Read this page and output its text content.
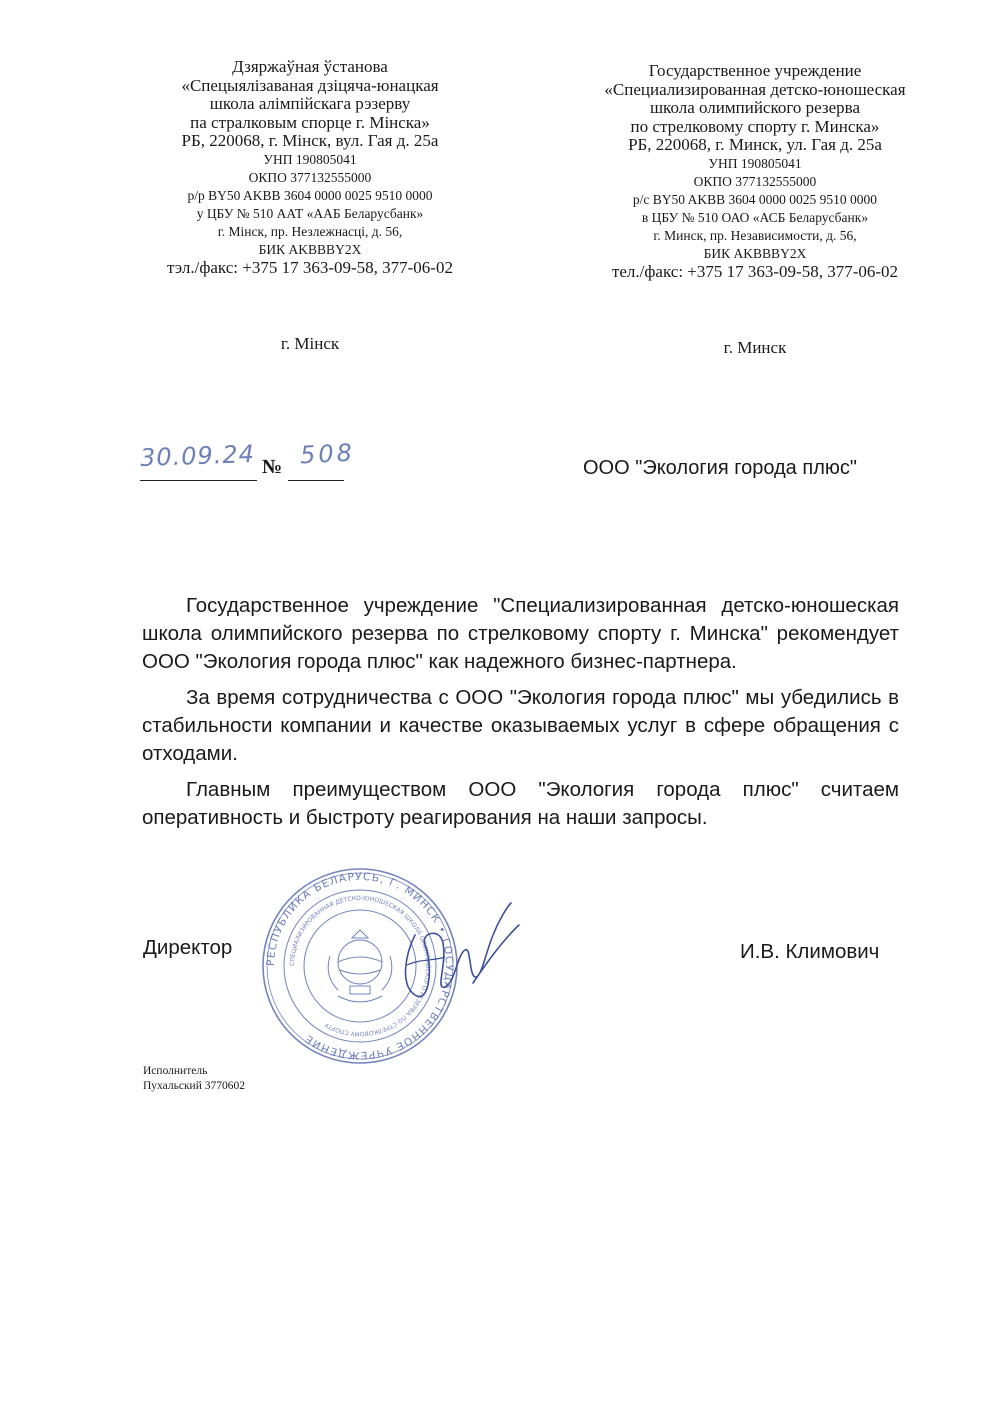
Дзяржаўная ўстанова
«Спецыялізаваная дзіцяча-юнацкая
школа алімпійскага рэзерву
па стралковым спорце г. Мінска»
РБ, 220068, г. Мінск, вул. Гая д. 25а
УНП 190805041
ОКПО 377132555000
р/р BY50 AKBB 3604 0000 0025 9510 0000
у ЦБУ № 510 ААТ «ААБ Беларусбанк»
г. Мінск, пр. Незлежнасці, д. 56,
БИК AKBBBY2X
тэл./факс: +375 17 363-09-58, 377-06-02
г. Мінск
Государственное учреждение
«Специализированная детско-юношеская
школа олимпийского резерва
по стрелковому спорту г. Минска»
РБ, 220068, г. Минск, ул. Гая д. 25а
УНП 190805041
ОКПО 377132555000
р/с BY50 AKBB 3604 0000 0025 9510 0000
в ЦБУ № 510 ОАО «АСБ Беларусбанк»
г. Минск, пр. Независимости, д. 56,
БИК AKBBBY2X
тел./факс: +375 17 363-09-58, 377-06-02
г. Минск
30.09.24 № 508	ООО "Экология города плюс"

Государственное учреждение "Специализированная детско-юношеская школа олимпийского резерва по стрелковому спорту г. Минска" рекомендует ООО "Экология города плюс" как надежного бизнес-партнера.

За время сотрудничества с ООО "Экология города плюс" мы убедились в стабильности компании и качестве оказываемых услуг в сфере обращения с отходами.

Главным преимуществом ООО "Экология города плюс" считаем оперативность и быстроту реагирования на наши запросы.

Директор	И.В. Климович
РЕСПУБЛИКА БЕЛАРУСЬ, Г. МИНСК • ГОСУДАРСТВЕННОЕ УЧРЕЖДЕНИЕ
СПЕЦИАЛИЗИРОВАННАЯ ДЕТСКО-ЮНОШЕСКАЯ ШКОЛА ОЛИМПИЙСКОГО РЕЗЕРВА ПО СТРЕЛКОВОМУ СПОРТУ
Исполнитель
Пухальский 3770602
